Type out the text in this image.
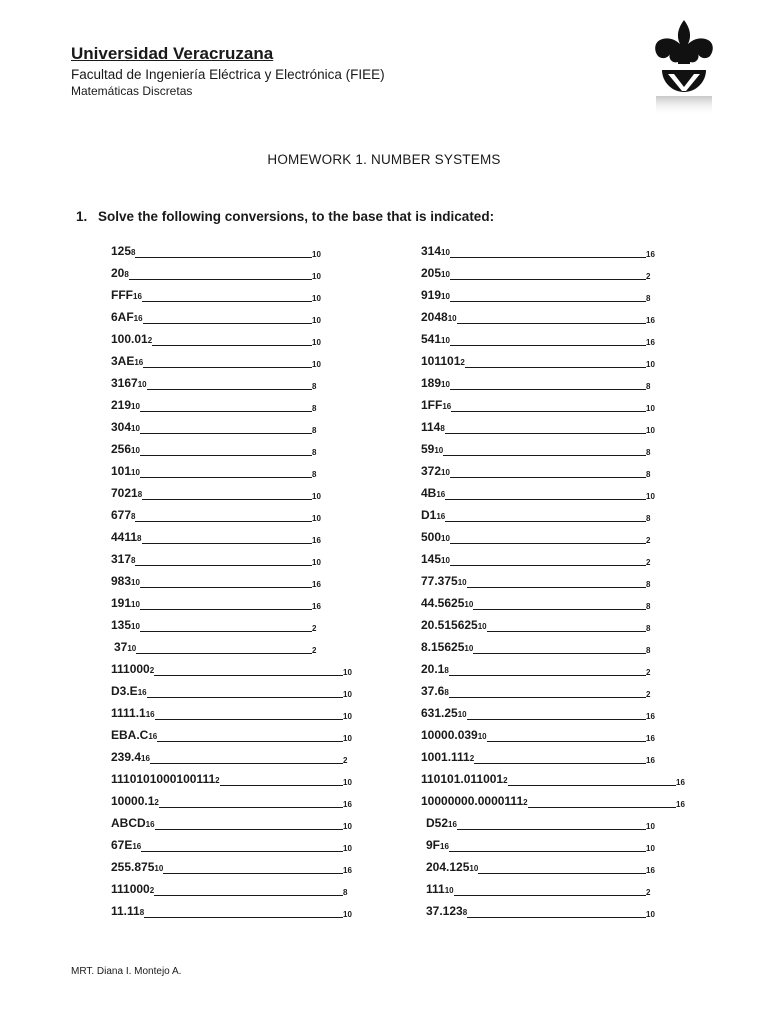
Universidad Veracruzana

Facultad de Ingeniería Eléctrica y Electrónica (FIEE)

Matemáticas Discretas

HOMEWORK 1. NUMBER SYSTEMS
1. Solve the following conversions, to the base that is indicated:
125 8	10
20 8	10
FFF 16	10
6AF 16	10
100.01 2	10
3AE 16	10
3167 10	8
219 10	8
304 10	8
256 10	8
101 10	8
7021 8	10
677 8	10
4411 8	16
317 8	10
983 10	16
191 10	16
135 10	2
37 10	2
111000 2	10
D3.E 16	10
1111.1 16	10
EBA.C 16	10
239.4 16	2
1110101000100111 2	10
10000.1 2	16
ABCD 16	10
67E 16	10
255.875 10	16
111000 2	8
11.11 8	10
314 10	16
205 10	2
919 10	8
2048 10	16
541 10	16
101101 2	10
189 10	8
1FF 16	10
114 8	10
59 10	8
372 10	8
4B 16	10
D1 16	8
500 10	2
145 10	2
77.375 10	8
44.5625 10	8
20.515625 10	8
8.15625 10	8
20.1 8	2
37.6 8	2
631.25 10	16
10000.039 10	16
1001.111 2	16
110101.011001 2	16
10000000.0000111 2	16
D52 16	10
9F 16	10
204.125 10	16
111 10	2
37.123 8	10
MRT. Diana I. Montejo A.
